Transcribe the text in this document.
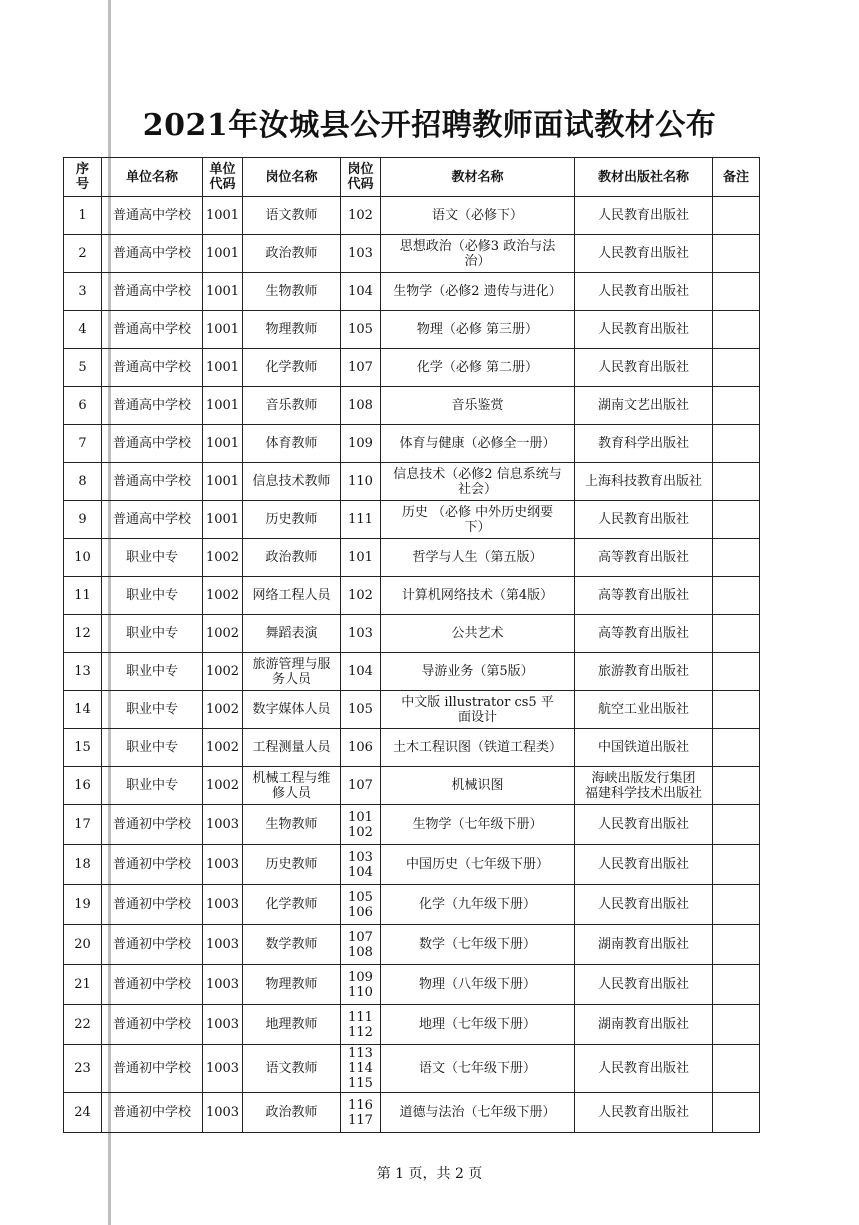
2021年汝城县公开招聘教师面试教材公布
序
号	单位名称	单位
代码	岗位名称	岗位
代码	教材名称	教材出版社名称	备注
1	普通高中学校	1001	语文教师	102	语文（必修下）	人民教育出版社	
2	普通高中学校	1001	政治教师	103	思想政治（必修3 政治与法
治）	人民教育出版社	
3	普通高中学校	1001	生物教师	104	生物学（必修2 遗传与进化）	人民教育出版社	
4	普通高中学校	1001	物理教师	105	物理（必修 第三册）	人民教育出版社	
5	普通高中学校	1001	化学教师	107	化学（必修 第二册）	人民教育出版社	
6	普通高中学校	1001	音乐教师	108	音乐鉴赏	湖南文艺出版社	
7	普通高中学校	1001	体育教师	109	体育与健康（必修全一册）	教育科学出版社	
8	普通高中学校	1001	信息技术教师	110	信息技术（必修2 信息系统与
社会）	上海科技教育出版社	
9	普通高中学校	1001	历史教师	111	历史 （必修 中外历史纲要
下）	人民教育出版社	
10	职业中专	1002	政治教师	101	哲学与人生（第五版）	高等教育出版社	
11	职业中专	1002	网络工程人员	102	计算机网络技术（第4版）	高等教育出版社	
12	职业中专	1002	舞蹈表演	103	公共艺术	高等教育出版社	
13	职业中专	1002	旅游管理与服
务人员	104	导游业务（第5版）	旅游教育出版社	
14	职业中专	1002	数字媒体人员	105	中文版 illustrator cs5 平
面设计	航空工业出版社	
15	职业中专	1002	工程测量人员	106	土木工程识图（铁道工程类）	中国铁道出版社	
16	职业中专	1002	机械工程与维
修人员	107	机械识图	海峡出版发行集团
福建科学技术出版社	
17	普通初中学校	1003	生物教师	101
102	生物学（七年级下册）	人民教育出版社	
18	普通初中学校	1003	历史教师	103
104	中国历史（七年级下册）	人民教育出版社	
19	普通初中学校	1003	化学教师	105
106	化学（九年级下册）	人民教育出版社	
20	普通初中学校	1003	数学教师	107
108	数学（七年级下册）	湖南教育出版社	
21	普通初中学校	1003	物理教师	109
110	物理（八年级下册）	人民教育出版社	
22	普通初中学校	1003	地理教师	111
112	地理（七年级下册）	湖南教育出版社	
23	普通初中学校	1003	语文教师	113
114
115	语文（七年级下册）	人民教育出版社	
24	普通初中学校	1003	政治教师	116
117	道德与法治（七年级下册）	人民教育出版社	
第 1 页，共 2 页
